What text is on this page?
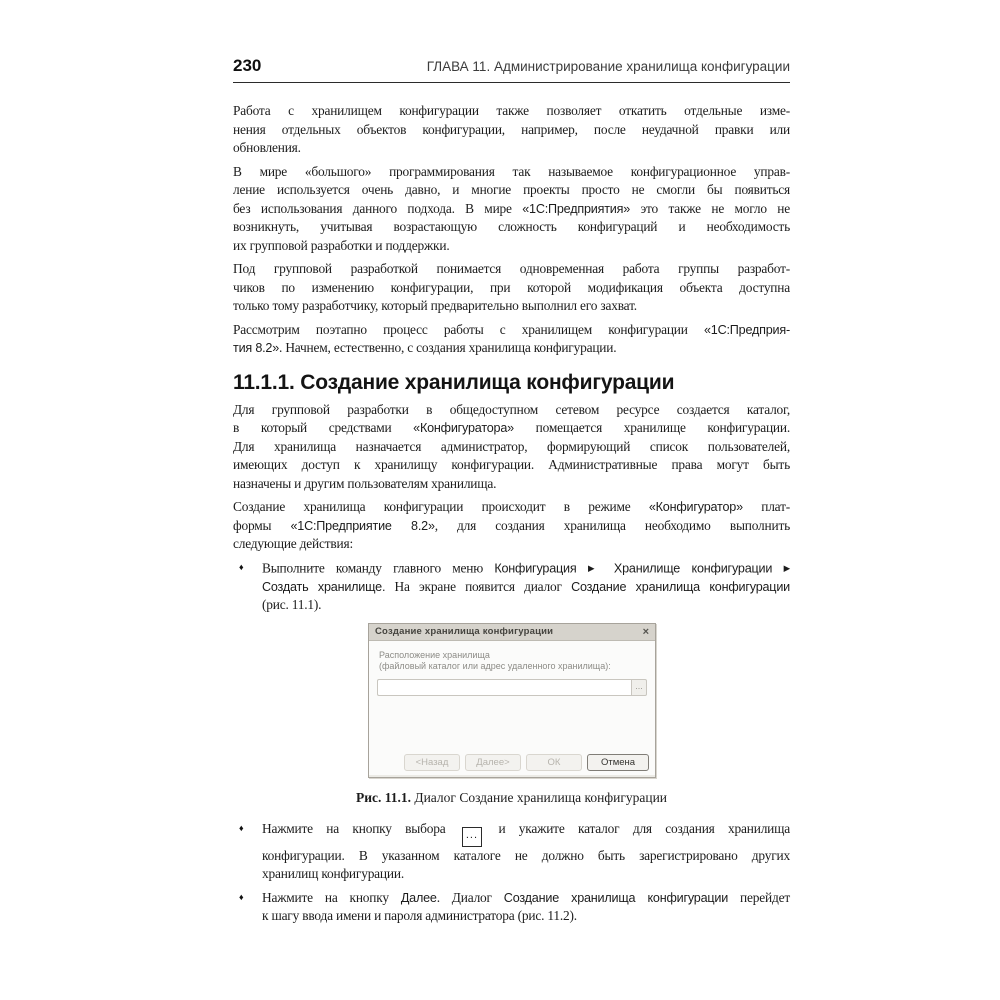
230	ГЛАВА 11. Администрирование хранилища конфигурации
Работа с хранилищем конфигурации также позволяет откатить отдельные изме-
нения отдельных объектов конфигурации, например, после неудачной правки или
обновления.
В мире «большого» программирования так называемое конфигурационное управ-
ление используется очень давно, и многие проекты просто не смогли бы появиться
без использования данного подхода. В мире «1С:Предприятия» это также не могло не
возникнуть, учитывая возрастающую сложность конфигураций и необходимость
их групповой разработки и поддержки.
Под групповой разработкой понимается одновременная работа группы разработ-
чиков по изменению конфигурации, при которой модификация объекта доступна
только тому разработчику, который предварительно выполнил его захват.
Рассмотрим поэтапно процесс работы с хранилищем конфигурации «1С:Предприя-
тия 8.2». Начнем, естественно, с создания хранилища конфигурации.
11.1.1. Создание хранилища конфигурации
Для групповой разработки в общедоступном сетевом ресурсе создается каталог,
в который средствами «Конфигуратора» помещается хранилище конфигурации.
Для хранилища назначается администратор, формирующий список пользователей,
имеющих доступ к хранилищу конфигурации. Административные права могут быть
назначены и другим пользователям хранилища.
Создание хранилища конфигурации происходит в режиме «Конфигуратор» плат-
формы «1С:Предприятие 8.2», для создания хранилища необходимо выполнить
следующие действия:
♦ Выполните команду главного меню Конфигурация ▶ Хранилище конфигурации ▶
Создать хранилище. На экране появится диалог Создание хранилища конфигурации
(рис. 11.1).
Создание хранилища конфигурации	×
Расположение хранилища
(файловый каталог или адрес удаленного хранилища):
...
<Назад	Далее>	ОК	Отмена
Рис. 11.1. Диалог Создание хранилища конфигурации
♦ Нажмите на кнопку выбора ... и укажите каталог для создания хранилища
конфигурации. В указанном каталоге не должно быть зарегистрировано других
хранилищ конфигурации.
♦ Нажмите на кнопку Далее. Диалог Создание хранилища конфигурации перейдет
к шагу ввода имени и пароля администратора (рис. 11.2).
